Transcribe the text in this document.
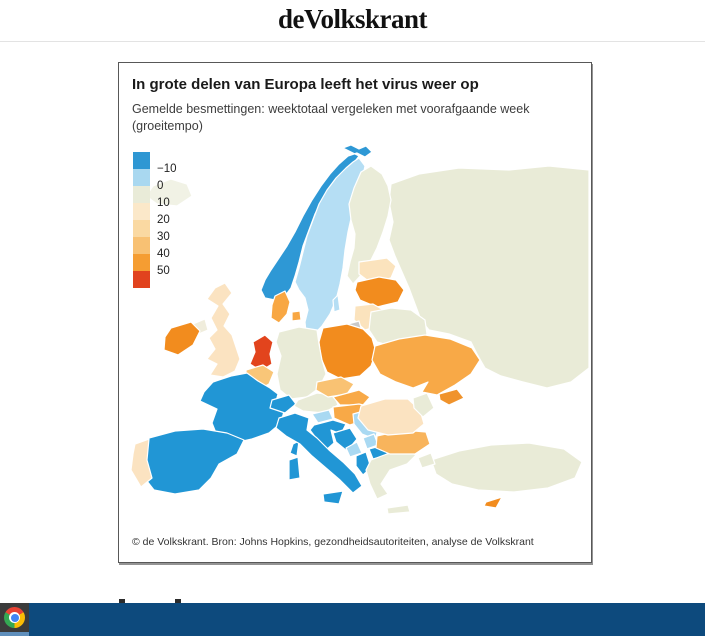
deVolkskrant
In grote delen van Europa leeft het virus weer op
Gemelde besmettingen: weektotaal vergeleken met voorafgaande week (groeitempo)
−10
0
10
20
30
40
50
© de Volkskrant. Bron: Johns Hopkins, gezondheidsautoriteiten, analyse de Volkskrant
